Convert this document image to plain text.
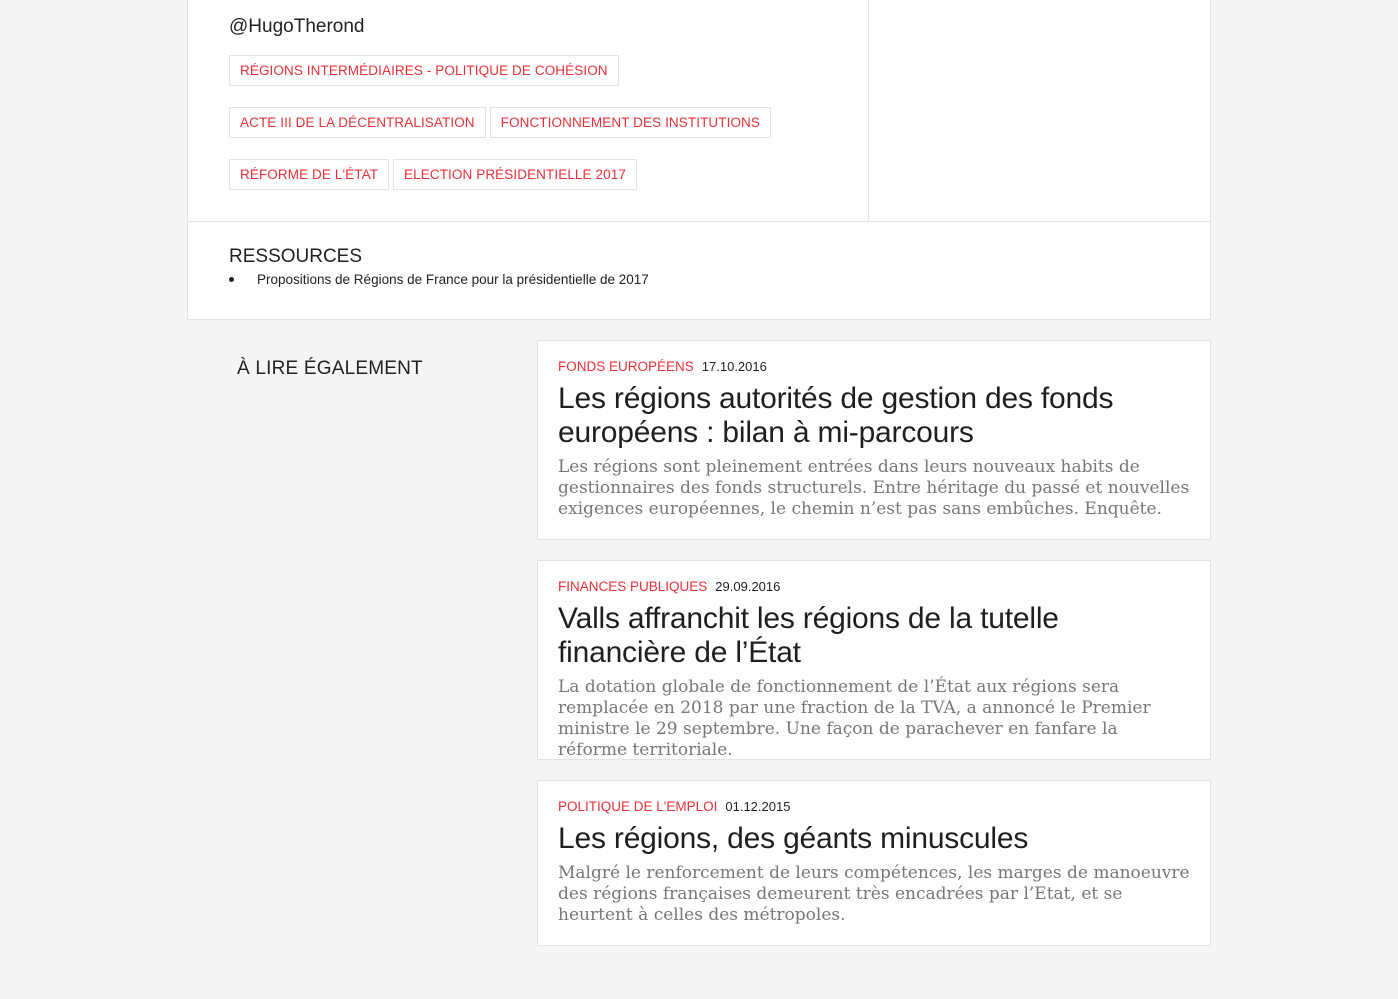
@HugoTherond
RÉGIONS INTERMÉDIAIRES - POLITIQUE DE COHÉSION
ACTE III DE LA DÉCENTRALISATION	FONCTIONNEMENT DES INSTITUTIONS
RÉFORME DE L'ÉTAT	ELECTION PRÉSIDENTIELLE 2017
RESSOURCES
Propositions de Régions de France pour la présidentielle de 2017
À LIRE ÉGALEMENT	FONDS EUROPÉENS 17.10.2016
Les régions autorités de gestion des fonds européens : bilan à mi-parcours

Les régions sont pleinement entrées dans leurs nouveaux habits de gestionnaires des fonds structurels. Entre héritage du passé et nouvelles exigences européennes, le chemin n’est pas sans embûches. Enquête.

FINANCES PUBLIQUES 29.09.2016
Valls affranchit les régions de la tutelle financière de l’État

La dotation globale de fonctionnement de l’État aux régions sera remplacée en 2018 par une fraction de la TVA, a annoncé le Premier ministre le 29 septembre. Une façon de parachever en fanfare la réforme territoriale.

POLITIQUE DE L'EMPLOI 01.12.2015
Les régions, des géants minuscules

Malgré le renforcement de leurs compétences, les marges de manoeuvre des régions françaises demeurent très encadrées par l’Etat, et se heurtent à celles des métropoles.
